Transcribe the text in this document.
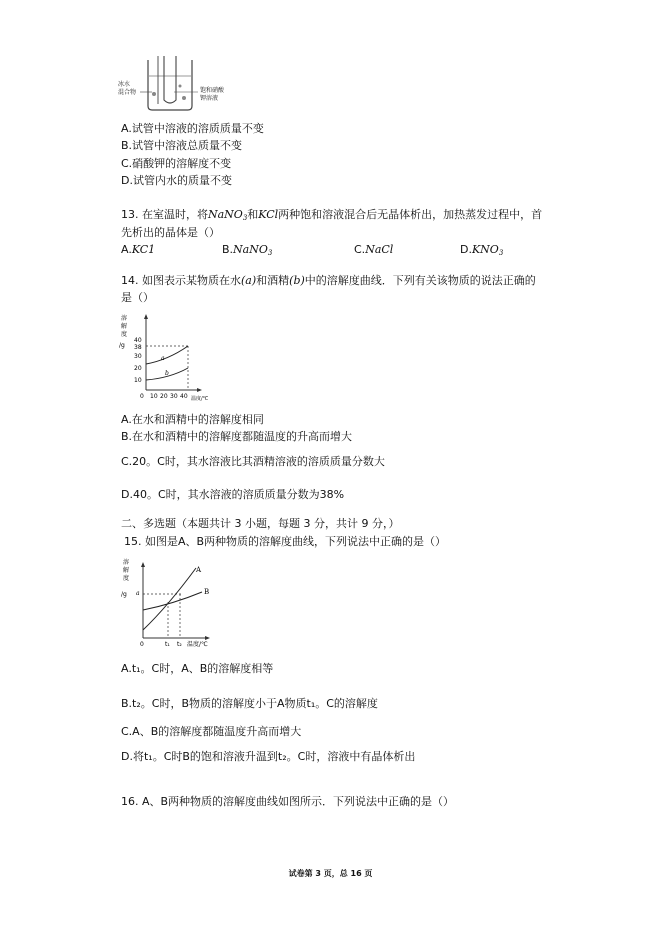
冰水
混合物	饱和硝酸
钾溶液
A.试管中溶液的溶质质量不变
B.试管中溶液总质量不变
C.硝酸钾的溶解度不变
D.试管内水的质量不变
13. 在室温时，将NaNO$_3$和KCl两种饱和溶液混合后无晶体析出，加热蒸发过程中，首
先析出的晶体是（）
A.KC1	B.NaNO$_3$	C.NaCl	$D.KNO_3$
14. 如图表示某物质在水(a)和酒精(b)中的溶解度曲线．下列有关该物质的说法正确的
是（）
溶
解
度
/g
40
38
30
20
10
a
b
0 10 20 30 40 温度/℃
A.在水和酒精中的溶解度相同
B.在水和酒精中的溶解度都随温度的升高而增大
C.20。C时，其水溶液比其酒精溶液的溶质质量分数大
D.40。C时，其水溶液的溶质质量分数为38%
二、多选题（本题共计 3 小题，每题 3 分，共计 9 分，）
15. 如图是A、B两种物质的溶解度曲线，下列说法中正确的是（）
溶
解
度
/g a
A
B
0	t₁ t₂ 温度/℃
A.t₁。C时，A、B的溶解度相等
B.t₂。C时，B物质的溶解度小于A物质t₁。C的溶解度
C.A、B的溶解度都随温度升高而增大
D.将t₁。C时B的饱和溶液升温到t₂。C时，溶液中有晶体析出
16. A、B两种物质的溶解度曲线如图所示．下列说法中正确的是（）
试卷第 3 页，总 16 页
